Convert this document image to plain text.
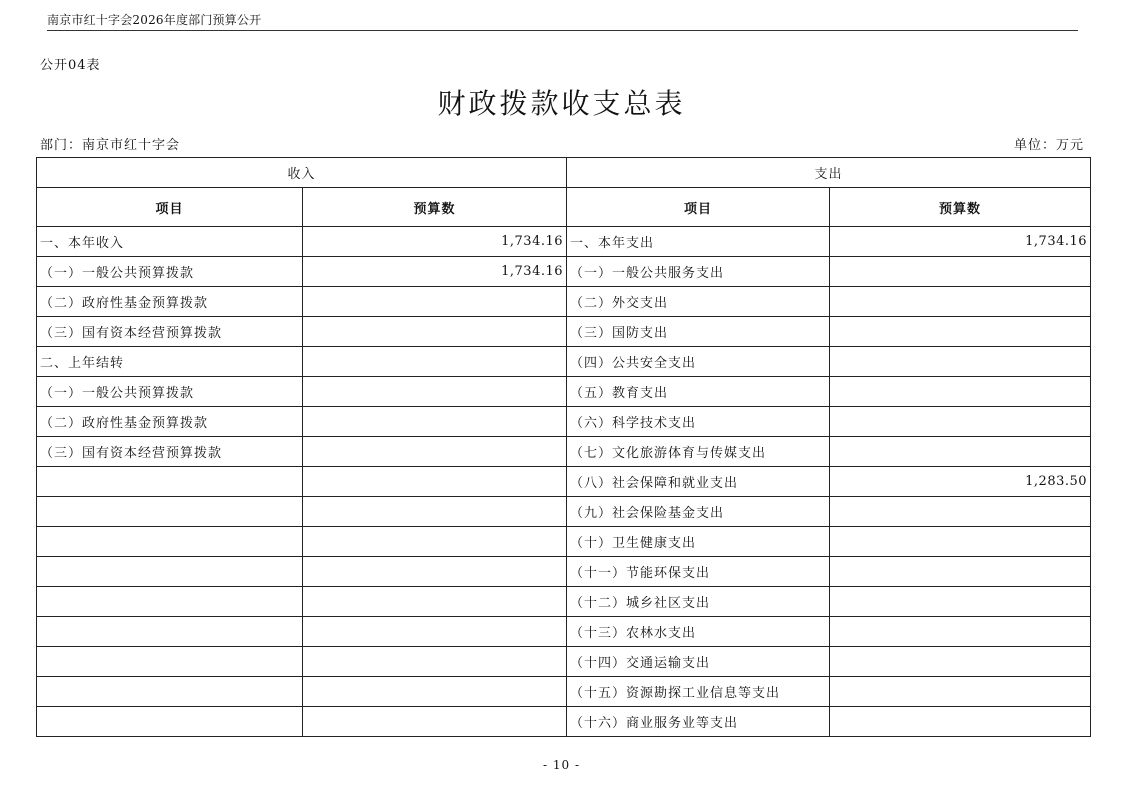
南京市红十字会2026年度部门预算公开
公开04表
财政拨款收支总表
部门：南京市红十字会	单位：万元
收入		支出	
项目	预算数	项目	预算数
一、本年收入	1,734.16	一、本年支出	1,734.16
（一）一般公共预算拨款	1,734.16	（一）一般公共服务支出	
（二）政府性基金预算拨款		（二）外交支出	
（三）国有资本经营预算拨款		（三）国防支出	
二、上年结转		（四）公共安全支出	
（一）一般公共预算拨款		（五）教育支出	
（二）政府性基金预算拨款		（六）科学技术支出	
（三）国有资本经营预算拨款		（七）文化旅游体育与传媒支出	
		（八）社会保障和就业支出	1,283.50
		（九）社会保险基金支出	
		（十）卫生健康支出	
		（十一）节能环保支出	
		（十二）城乡社区支出	
		（十三）农林水支出	
		（十四）交通运输支出	
		（十五）资源勘探工业信息等支出	
		（十六）商业服务业等支出	
- 10 -
